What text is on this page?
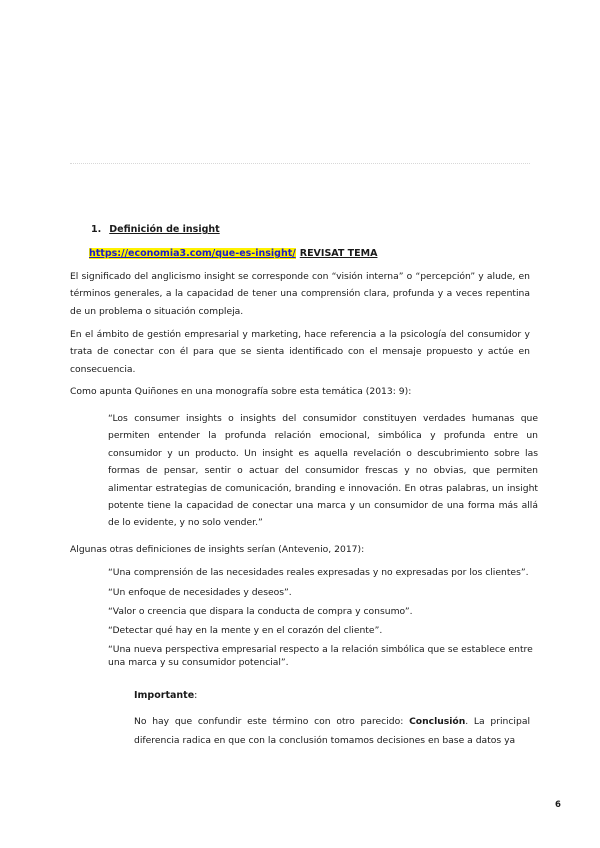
1. Definición de insight
https://economia3.com/que-es-insight/ REVISAT TEMA

El significado del anglicismo insight se corresponde con “visión interna” o “percepción” y alude, en términos generales, a la capacidad de tener una comprensión clara, profunda y a veces repentina de un problema o situación compleja.

En el ámbito de gestión empresarial y marketing, hace referencia a la psicología del consumidor y trata de conectar con él para que se sienta identificado con el mensaje propuesto y actúe en consecuencia.

Como apunta Quiñones en una monografía sobre esta temática (2013: 9):

“Los consumer insights o insights del consumidor constituyen verdades humanas que permiten entender la profunda relación emocional, simbólica y profunda entre un consumidor y un producto. Un insight es aquella revelación o descubrimiento sobre las formas de pensar, sentir o actuar del consumidor frescas y no obvias, que permiten alimentar estrategias de comunicación, branding e innovación. En otras palabras, un insight potente tiene la capacidad de conectar una marca y un consumidor de una forma más allá de lo evidente, y no solo vender.”

Algunas otras definiciones de insights serían (Antevenio, 2017):

“Una comprensión de las necesidades reales expresadas y no expresadas por los clientes”.

“Un enfoque de necesidades y deseos”.

“Valor o creencia que dispara la conducta de compra y consumo”.

“Detectar qué hay en la mente y en el corazón del cliente”.

“Una nueva perspectiva empresarial respecto a la relación simbólica que se establece entre una marca y su consumidor potencial”.

Importante:

No hay que confundir este término con otro parecido: Conclusión. La principal diferencia radica en que con la conclusión tomamos decisiones en base a datos ya

6
